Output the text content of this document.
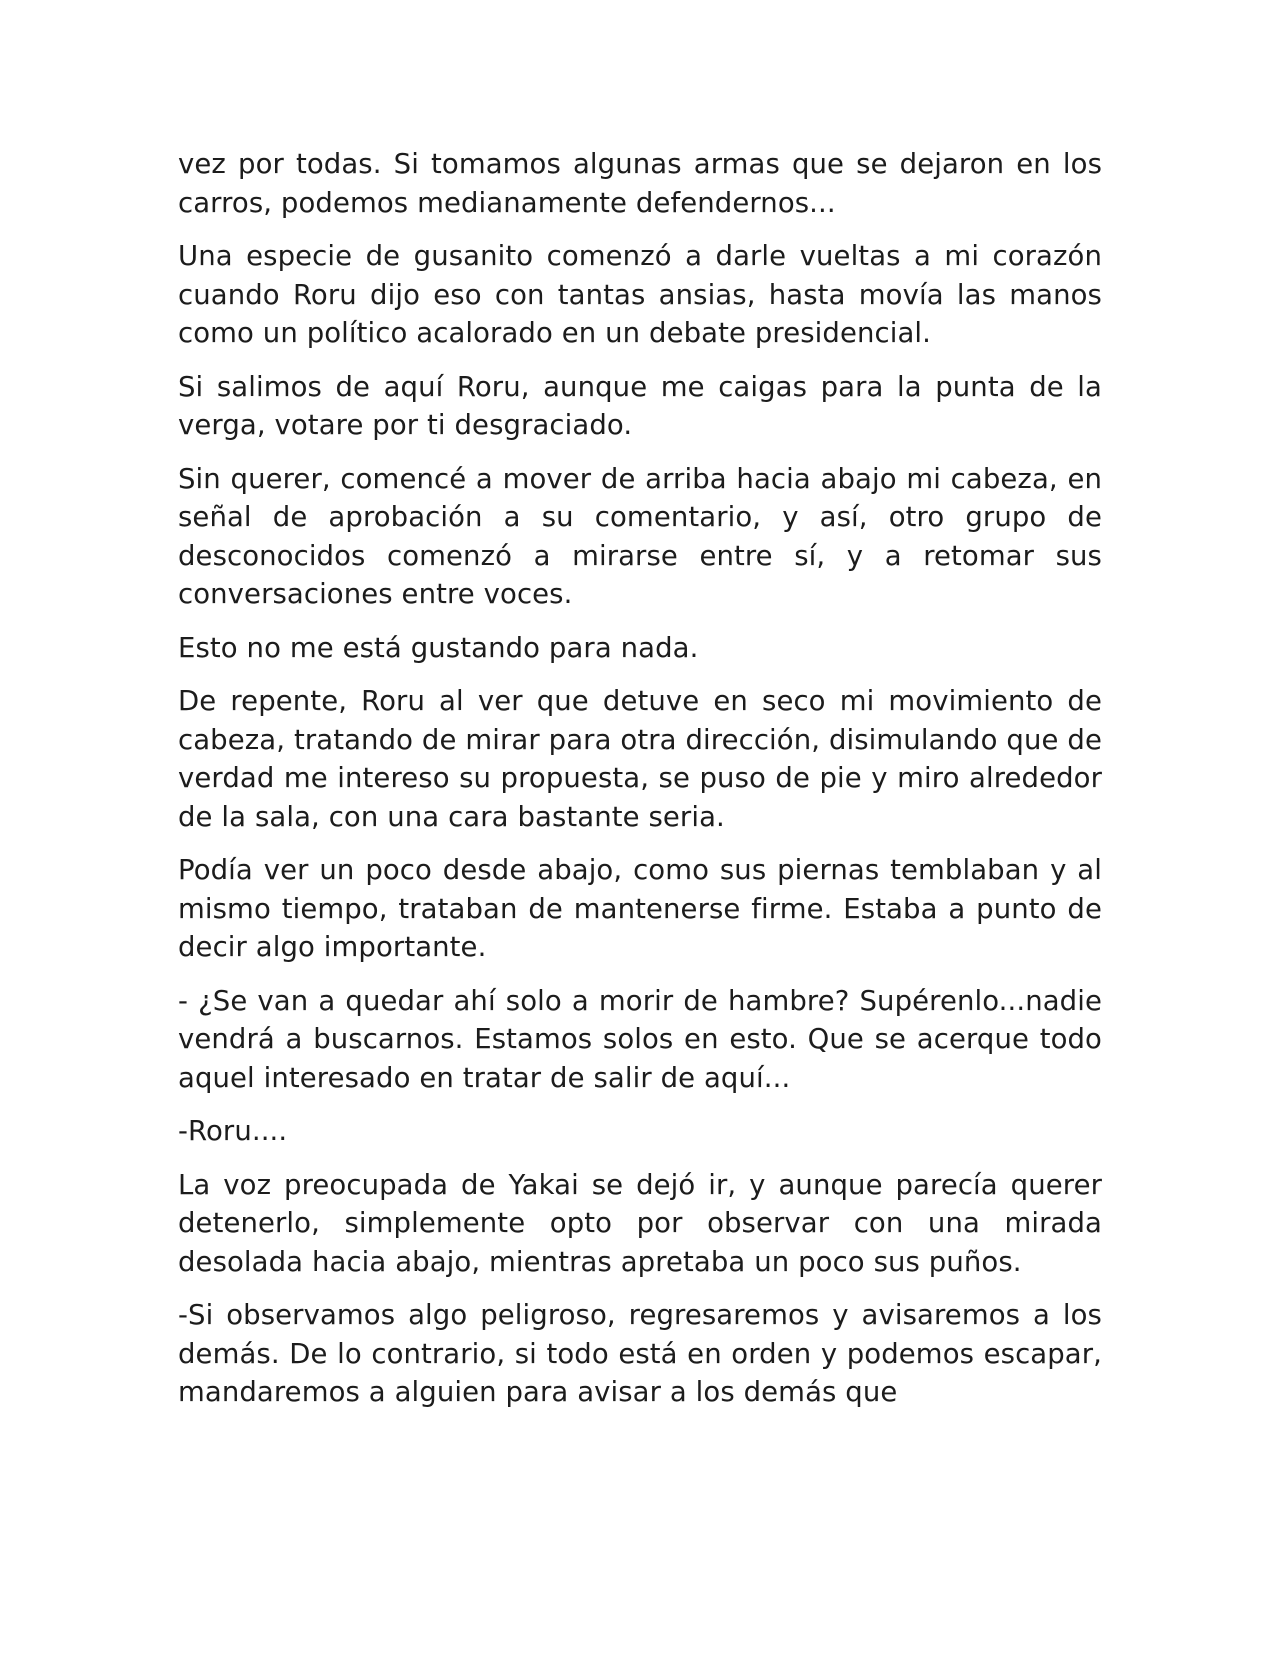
vez por todas. Si tomamos algunas armas que se dejaron en los carros, podemos medianamente defendernos...

Una especie de gusanito comenzó a darle vueltas a mi corazón cuando Roru dijo eso con tantas ansias, hasta movía las manos como un político acalorado en un debate presidencial.

Si salimos de aquí Roru, aunque me caigas para la punta de la verga, votare por ti desgraciado.

Sin querer, comencé a mover de arriba hacia abajo mi cabeza, en señal de aprobación a su comentario, y así, otro grupo de desconocidos comenzó a mirarse entre sí, y a retomar sus conversaciones entre voces.

Esto no me está gustando para nada.

De repente, Roru al ver que detuve en seco mi movimiento de cabeza, tratando de mirar para otra dirección, disimulando que de verdad me intereso su propuesta, se puso de pie y miro alrededor de la sala, con una cara bastante seria.

Podía ver un poco desde abajo, como sus piernas temblaban y al mismo tiempo, trataban de mantenerse firme. Estaba a punto de decir algo importante.

- ¿Se van a quedar ahí solo a morir de hambre? Supérenlo...nadie vendrá a buscarnos. Estamos solos en esto. Que se acerque todo aquel interesado en tratar de salir de aquí...

-Roru....

La voz preocupada de Yakai se dejó ir, y aunque parecía querer detenerlo, simplemente opto por observar con una mirada desolada hacia abajo, mientras apretaba un poco sus puños.

-Si observamos algo peligroso, regresaremos y avisaremos a los demás. De lo contrario, si todo está en orden y podemos escapar, mandaremos a alguien para avisar a los demás que
